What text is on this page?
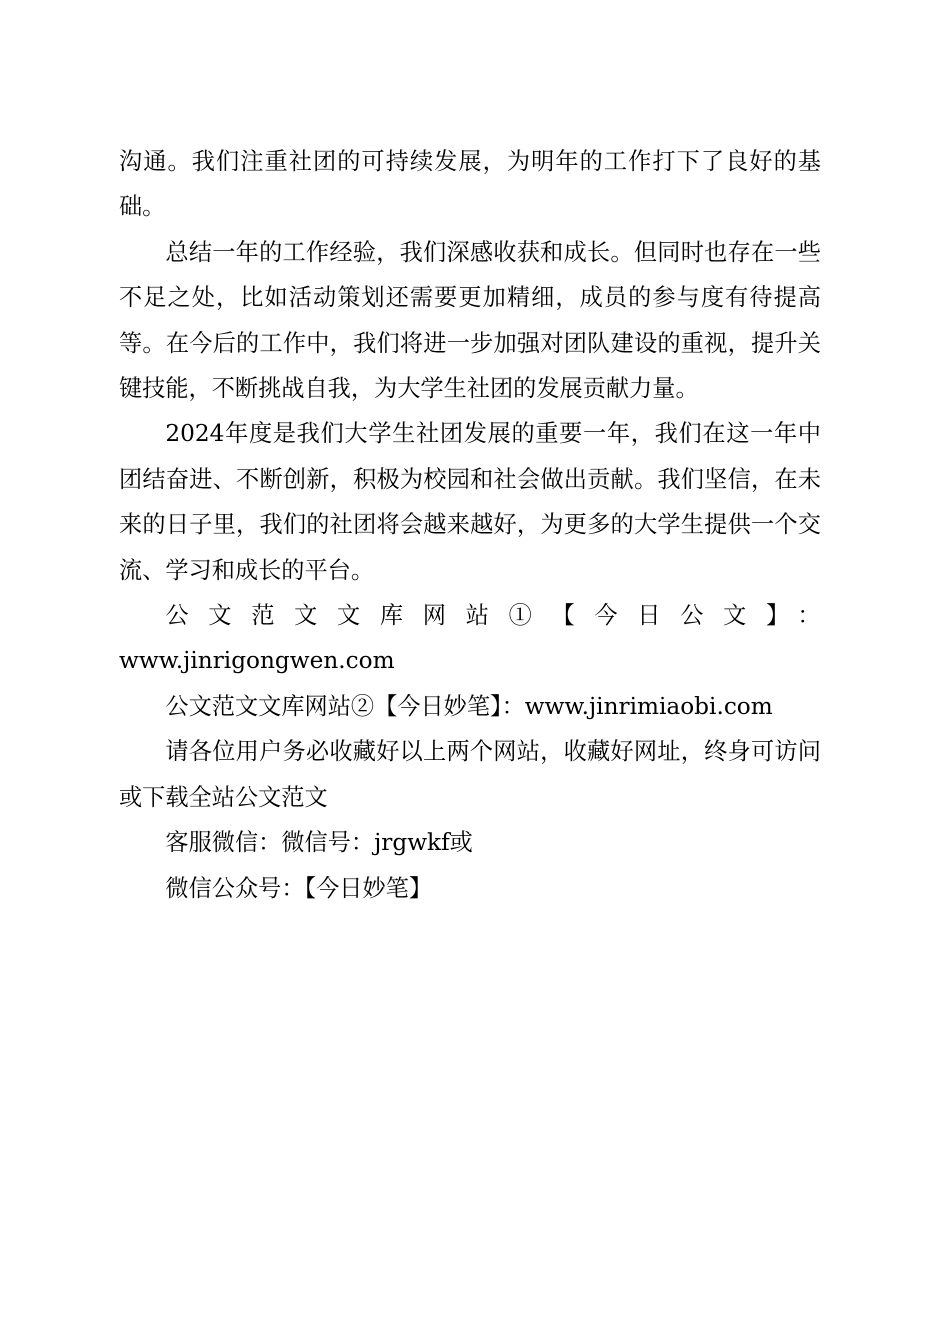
沟通。我们注重社团的可持续发展，为明年的工作打下了良好的基础。

总结一年的工作经验，我们深感收获和成长。但同时也存在一些不足之处，比如活动策划还需要更加精细，成员的参与度有待提高等。在今后的工作中，我们将进一步加强对团队建设的重视，提升关键技能，不断挑战自我，为大学生社团的发展贡献力量。

2024年度是我们大学生社团发展的重要一年，我们在这一年中团结奋进、不断创新，积极为校园和社会做出贡献。我们坚信，在未来的日子里，我们的社团将会越来越好，为更多的大学生提供一个交流、学习和成长的平台。

公文范文文库网站①【今日公文】：

www.jinrigongwen.com

公文范文文库网站②【今日妙笔】：www.jinrimiaobi.com

请各位用户务必收藏好以上两个网站，收藏好网址，终身可访问或下载全站公文范文

客服微信：微信号：jrgwkf或

微信公众号：【今日妙笔】
